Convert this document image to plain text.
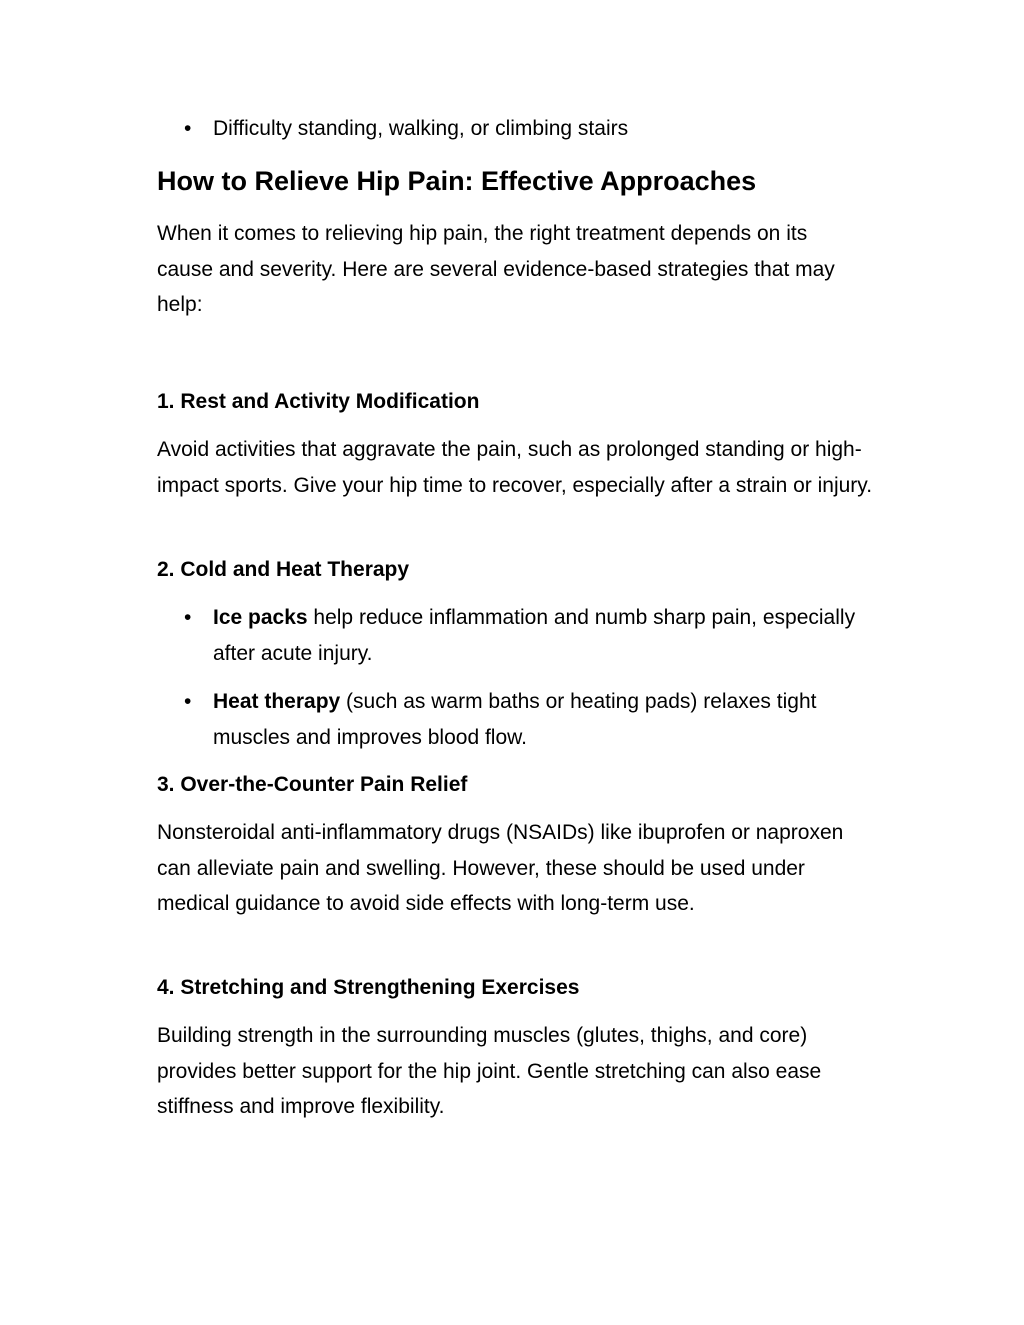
• Difficulty standing, walking, or climbing stairs

How to Relieve Hip Pain: Effective Approaches

When it comes to relieving hip pain, the right treatment depends on its cause and severity. Here are several evidence-based strategies that may help:

1. Rest and Activity Modification

Avoid activities that aggravate the pain, such as prolonged standing or high-impact sports. Give your hip time to recover, especially after a strain or injury.

2. Cold and Heat Therapy
• Ice packs help reduce inflammation and numb sharp pain, especially after acute injury.

• Heat therapy (such as warm baths or heating pads) relaxes tight muscles and improves blood flow.

3. Over-the-Counter Pain Relief

Nonsteroidal anti-inflammatory drugs (NSAIDs) like ibuprofen or naproxen can alleviate pain and swelling. However, these should be used under medical guidance to avoid side effects with long-term use.

4. Stretching and Strengthening Exercises

Building strength in the surrounding muscles (glutes, thighs, and core) provides better support for the hip joint. Gentle stretching can also ease stiffness and improve flexibility.
